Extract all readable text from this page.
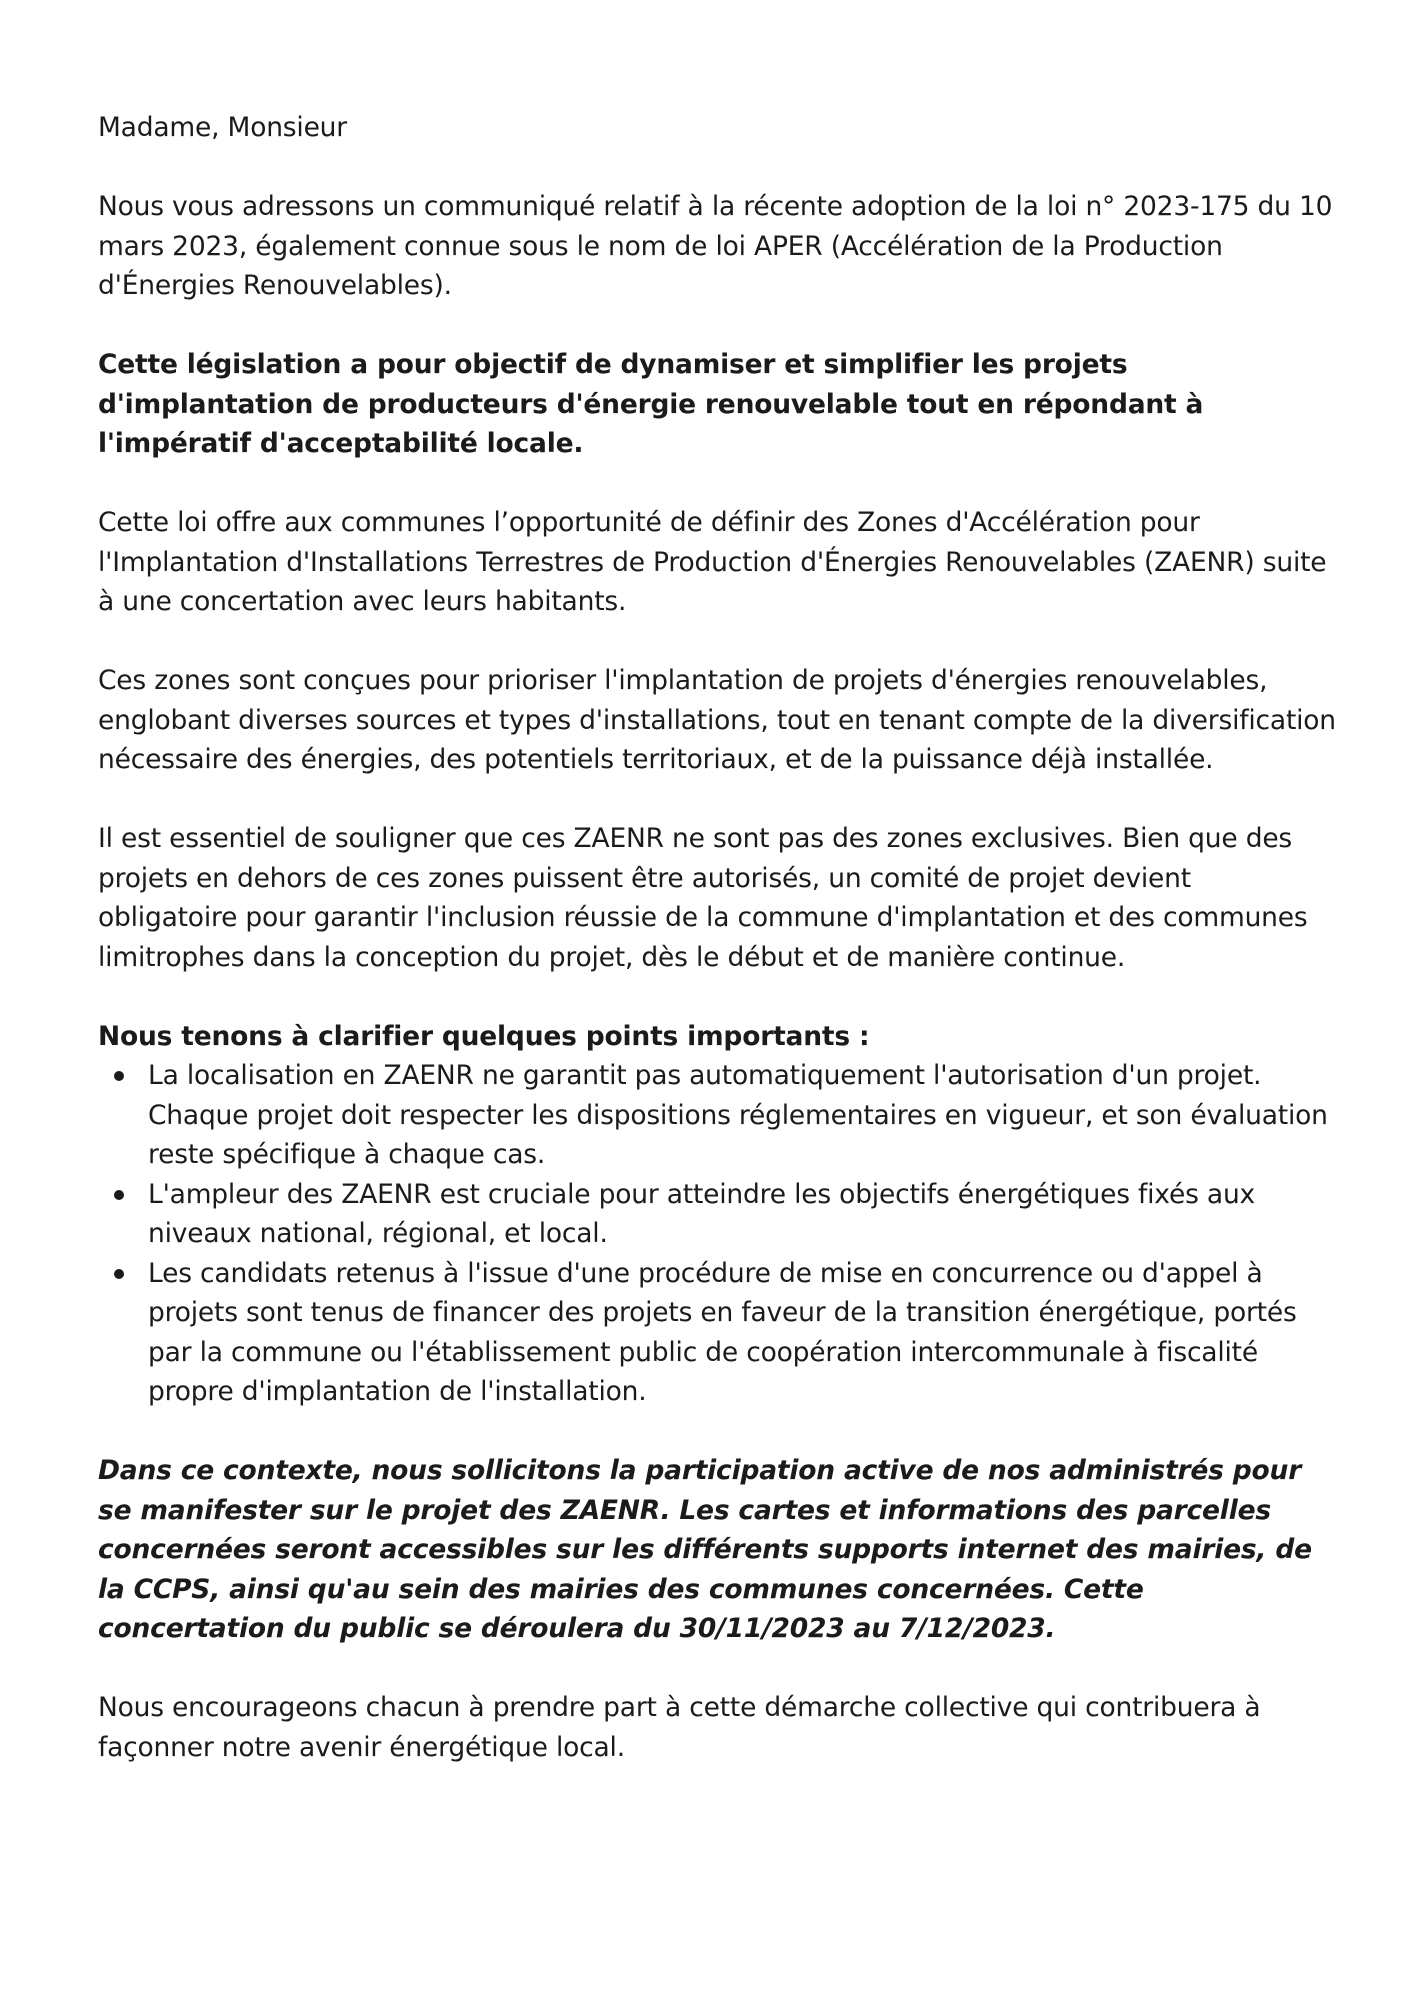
Madame, Monsieur

Nous vous adressons un communiqué relatif à la récente adoption de la loi n° 2023-175 du 10 mars 2023, également connue sous le nom de loi APER (Accélération de la Production d'Énergies Renouvelables).

Cette législation a pour objectif de dynamiser et simplifier les projets d'implantation de producteurs d'énergie renouvelable tout en répondant à l'impératif d'acceptabilité locale.

Cette loi offre aux communes l’opportunité de définir des Zones d'Accélération pour l'Implantation d'Installations Terrestres de Production d'Énergies Renouvelables (ZAENR) suite à une concertation avec leurs habitants.

Ces zones sont conçues pour prioriser l'implantation de projets d'énergies renouvelables, englobant diverses sources et types d'installations, tout en tenant compte de la diversification nécessaire des énergies, des potentiels territoriaux, et de la puissance déjà installée.

Il est essentiel de souligner que ces ZAENR ne sont pas des zones exclusives. Bien que des projets en dehors de ces zones puissent être autorisés, un comité de projet devient obligatoire pour garantir l'inclusion réussie de la commune d'implantation et des communes limitrophes dans la conception du projet, dès le début et de manière continue.

Nous tenons à clarifier quelques points importants :

La localisation en ZAENR ne garantit pas automatiquement l'autorisation d'un projet. Chaque projet doit respecter les dispositions réglementaires en vigueur, et son évaluation reste spécifique à chaque cas.
L'ampleur des ZAENR est cruciale pour atteindre les objectifs énergétiques fixés aux niveaux national, régional, et local.
Les candidats retenus à l'issue d'une procédure de mise en concurrence ou d'appel à projets sont tenus de financer des projets en faveur de la transition énergétique, portés par la commune ou l'établissement public de coopération intercommunale à fiscalité propre d'implantation de l'installation.

Dans ce contexte, nous sollicitons la participation active de nos administrés pour se manifester sur le projet des ZAENR. Les cartes et informations des parcelles concernées seront accessibles sur les différents supports internet des mairies, de la CCPS, ainsi qu'au sein des mairies des communes concernées. Cette concertation du public se déroulera du 30/11/2023 au 7/12/2023.

Nous encourageons chacun à prendre part à cette démarche collective qui contribuera à façonner notre avenir énergétique local.
